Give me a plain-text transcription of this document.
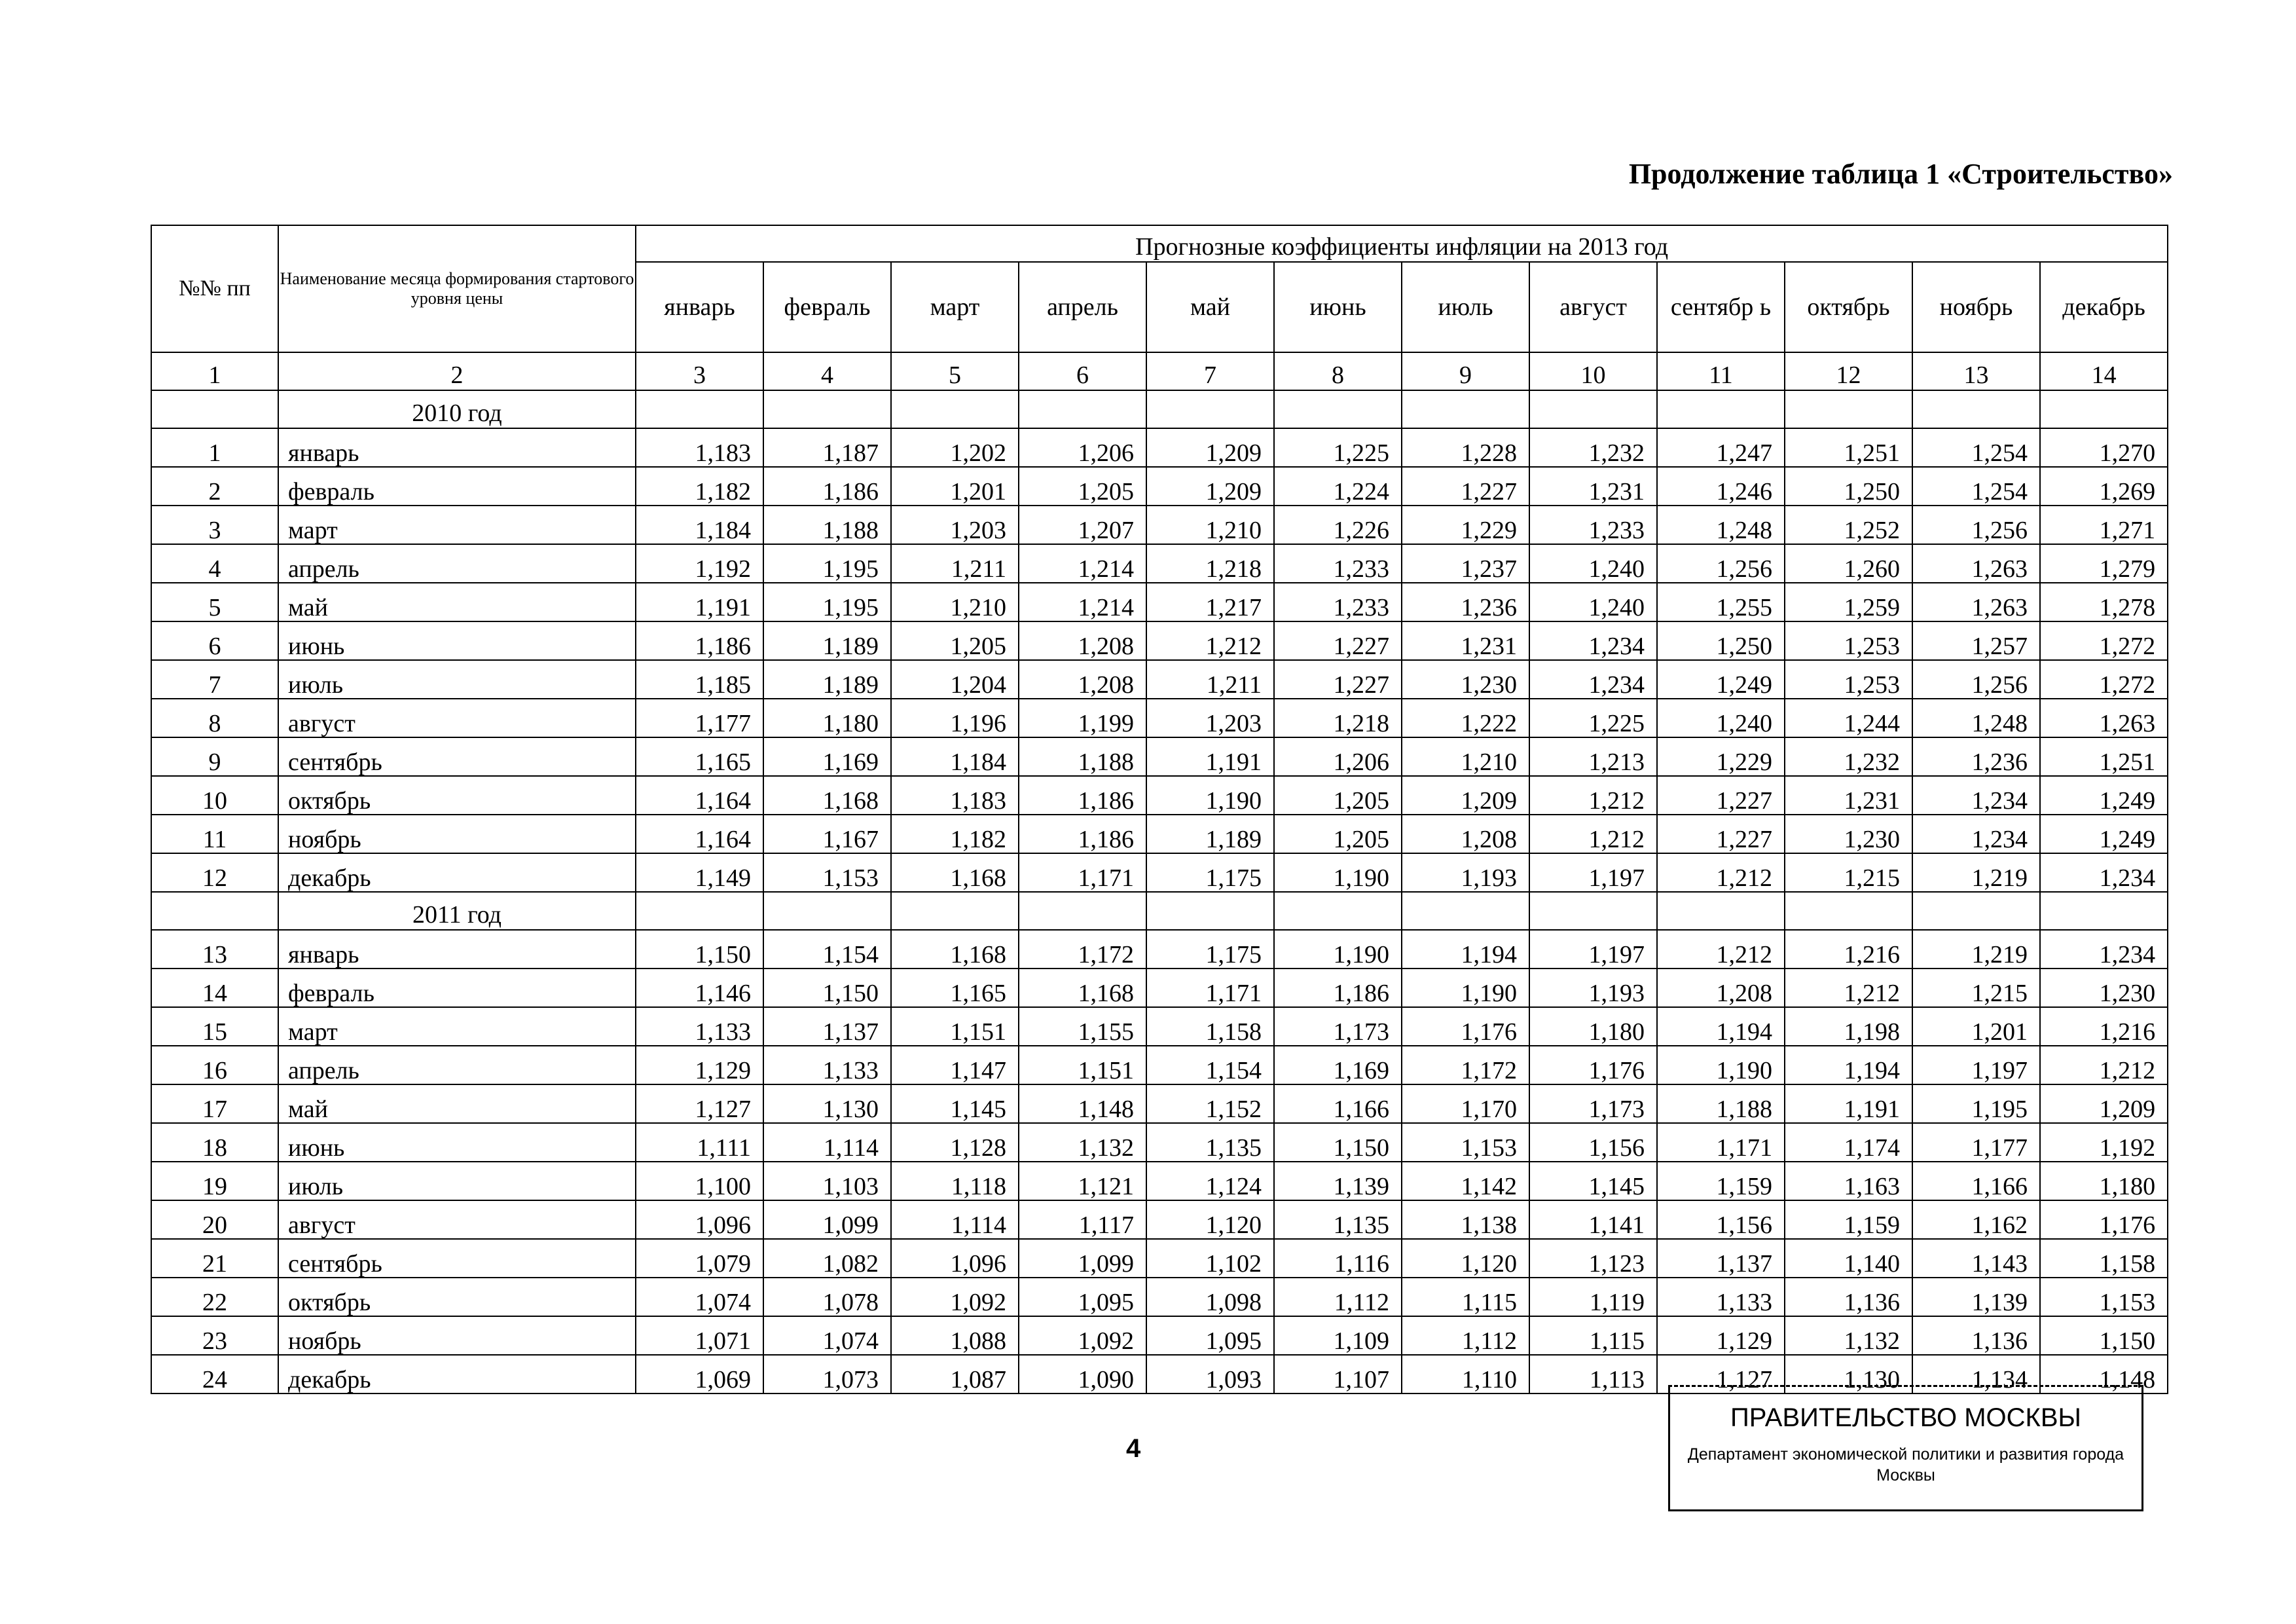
Продолжение таблица 1 «Строительство»
№№ пп	Наименование месяца формирования стартового уровня цены	Прогнозные коэффициенты инфляции на 2013 год											
		январь	февраль	март	апрель	май	июнь	июль	август	сентябр ь	октябрь	ноябрь	декабрь
1	2	3	4	5	6	7	8	9	10	11	12	13	14
	2010 год												
1	январь	1,183	1,187	1,202	1,206	1,209	1,225	1,228	1,232	1,247	1,251	1,254	1,270
2	февраль	1,182	1,186	1,201	1,205	1,209	1,224	1,227	1,231	1,246	1,250	1,254	1,269
3	март	1,184	1,188	1,203	1,207	1,210	1,226	1,229	1,233	1,248	1,252	1,256	1,271
4	апрель	1,192	1,195	1,211	1,214	1,218	1,233	1,237	1,240	1,256	1,260	1,263	1,279
5	май	1,191	1,195	1,210	1,214	1,217	1,233	1,236	1,240	1,255	1,259	1,263	1,278
6	июнь	1,186	1,189	1,205	1,208	1,212	1,227	1,231	1,234	1,250	1,253	1,257	1,272
7	июль	1,185	1,189	1,204	1,208	1,211	1,227	1,230	1,234	1,249	1,253	1,256	1,272
8	август	1,177	1,180	1,196	1,199	1,203	1,218	1,222	1,225	1,240	1,244	1,248	1,263
9	сентябрь	1,165	1,169	1,184	1,188	1,191	1,206	1,210	1,213	1,229	1,232	1,236	1,251
10	октябрь	1,164	1,168	1,183	1,186	1,190	1,205	1,209	1,212	1,227	1,231	1,234	1,249
11	ноябрь	1,164	1,167	1,182	1,186	1,189	1,205	1,208	1,212	1,227	1,230	1,234	1,249
12	декабрь	1,149	1,153	1,168	1,171	1,175	1,190	1,193	1,197	1,212	1,215	1,219	1,234
	2011 год												
13	январь	1,150	1,154	1,168	1,172	1,175	1,190	1,194	1,197	1,212	1,216	1,219	1,234
14	февраль	1,146	1,150	1,165	1,168	1,171	1,186	1,190	1,193	1,208	1,212	1,215	1,230
15	март	1,133	1,137	1,151	1,155	1,158	1,173	1,176	1,180	1,194	1,198	1,201	1,216
16	апрель	1,129	1,133	1,147	1,151	1,154	1,169	1,172	1,176	1,190	1,194	1,197	1,212
17	май	1,127	1,130	1,145	1,148	1,152	1,166	1,170	1,173	1,188	1,191	1,195	1,209
18	июнь	1,111	1,114	1,128	1,132	1,135	1,150	1,153	1,156	1,171	1,174	1,177	1,192
19	июль	1,100	1,103	1,118	1,121	1,124	1,139	1,142	1,145	1,159	1,163	1,166	1,180
20	август	1,096	1,099	1,114	1,117	1,120	1,135	1,138	1,141	1,156	1,159	1,162	1,176
21	сентябрь	1,079	1,082	1,096	1,099	1,102	1,116	1,120	1,123	1,137	1,140	1,143	1,158
22	октябрь	1,074	1,078	1,092	1,095	1,098	1,112	1,115	1,119	1,133	1,136	1,139	1,153
23	ноябрь	1,071	1,074	1,088	1,092	1,095	1,109	1,112	1,115	1,129	1,132	1,136	1,150
24	декабрь	1,069	1,073	1,087	1,090	1,093	1,107	1,110	1,113	1,127	1,130	1,134	1,148
4
ПРАВИТЕЛЬСТВО МОСКВЫ
Департамент экономической политики и развития города Москвы
